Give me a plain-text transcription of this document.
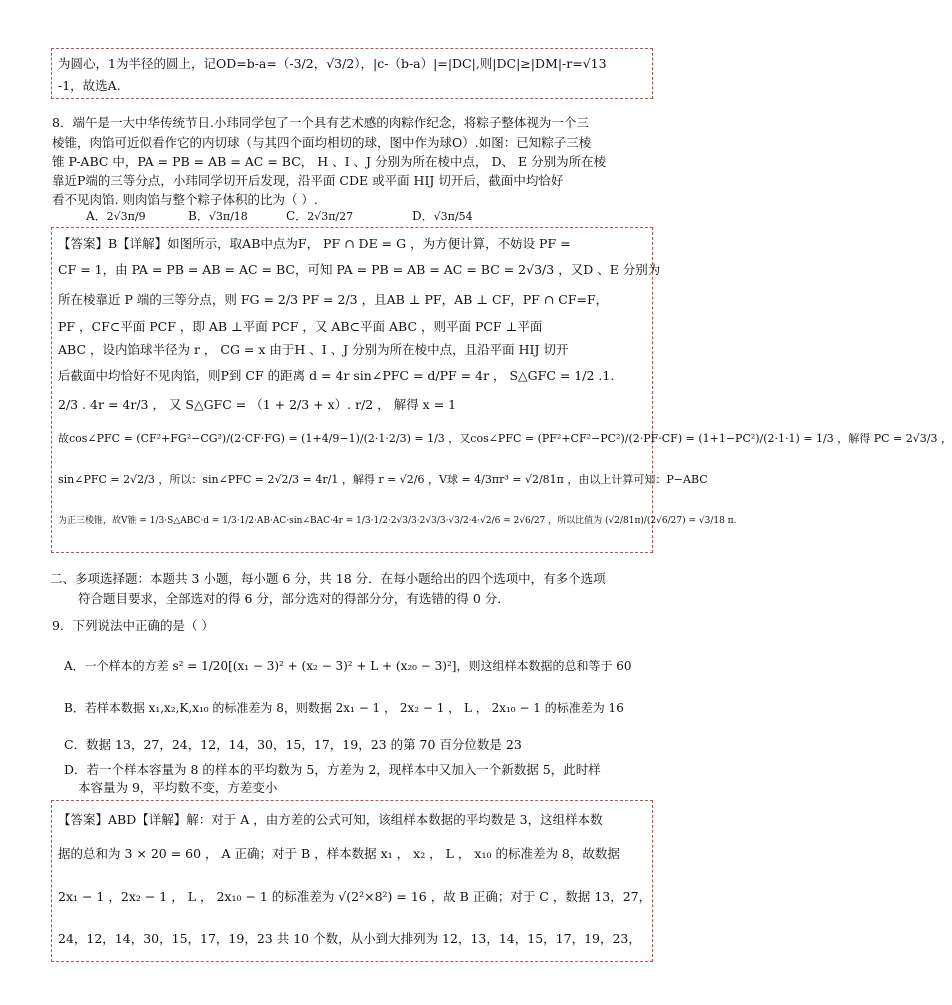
为圆心，1为半径的圆上，记OD=b-a=（-3/2，√3/2），|c-（b-a）|=|DC|,则|DC|≥|DM|-r=√13
-1，故选A.
8．端午是一大中华传统节日.小玮同学包了一个具有艺术感的肉粽作纪念，将粽子整体视为一个三
棱锥，肉馅可近似看作它的内切球（与其四个面均相切的球，图中作为球O）.如图：已知粽子三棱
锥 P-ABC 中，PA = PB = AB = AC = BC， H 、I 、J 分别为所在棱中点， D、 E 分别为所在棱
靠近P端的三等分点，小玮同学切开后发现，沿平面 CDE 或平面 HIJ 切开后，截面中均恰好
看不见肉馅. 则肉馅与整个粽子体积的比为（ ）.
A．2√3π/9	B．√3π/18	C．2√3π/27	D．√3π/54
【答案】B【详解】如图所示，取AB中点为F， PF ∩ DE = G ，为方便计算，不妨设 PF =
CF = 1，由 PA = PB = AB = AC = BC，可知 PA = PB = AB = AC = BC = 2√3/3 ，又D 、E 分别为
所在棱靠近 P 端的三等分点，则 FG = 2/3 PF = 2/3 ，且AB ⊥ PF，AB ⊥ CF，PF ∩ CF=F，
PF ，CF⊂平面 PCF ，即 AB ⊥平面 PCF ，又 AB⊂平面 ABC ，则平面 PCF ⊥平面
ABC ，设内馅球半径为 r ， CG = x 由于H 、I 、J 分别为所在棱中点，且沿平面 HIJ 切开
后截面中均恰好不见肉馅，则P到 CF 的距离 d = 4r sin∠PFC = d/PF = 4r ， S△GFC = 1/2 .1.
2/3 . 4r = 4r/3 ， 又 S△GFC = （1 + 2/3 + x）. r/2 ， 解得 x = 1
故cos∠PFC = (CF²+FG²−CG²)/(2·CF·FG) = (1+4/9−1)/(2·1·2/3) = 1/3 ，又cos∠PFC = (PF²+CF²−PC²)/(2·PF·CF) = (1+1−PC²)/(2·1·1) = 1/3 ，解得 PC = 2√3/3 ，
sin∠PFC = 2√2/3 ，所以：sin∠PFC = 2√2/3 = 4r/1 ，解得 r = √2/6 ，V球 = 4/3πr³ = √2/81π ，由以上计算可知：P−ABC
为正三棱锥，故V锥 = 1/3·S△ABC·d = 1/3·1/2·AB·AC·sin∠BAC·4r = 1/3·1/2·2√3/3·2√3/3·√3/2·4·√2/6 = 2√6/27 ，所以比值为 (√2/81π)/(2√6/27) = √3/18 π.
二、多项选择题：本题共 3 小题，每小题 6 分，共 18 分．在每小题给出的四个选项中，有多个选项
符合题目要求，全部选对的得 6 分，部分选对的得部分分，有选错的得 0 分．
9．下列说法中正确的是（ ）
A．一个样本的方差 s² = 1/20[(x₁ − 3)² + (x₂ − 3)² + L + (x₂₀ − 3)²]，则这组样本数据的总和等于 60
B．若样本数据 x₁,x₂,K,x₁₀ 的标准差为 8，则数据 2x₁ − 1 ， 2x₂ − 1 ， L ， 2x₁₀ − 1 的标准差为 16
C．数据 13，27，24，12，14，30，15，17，19，23 的第 70 百分位数是 23
D．若一个样本容量为 8 的样本的平均数为 5，方差为 2，现样本中又加入一个新数据 5，此时样
本容量为 9，平均数不变，方差变小
【答案】ABD【详解】解：对于 A ，由方差的公式可知，该组样本数据的平均数是 3，这组样本数
据的总和为 3 × 20 = 60 ， A 正确；对于 B ，样本数据 x₁ ， x₂ ， L ， x₁₀ 的标准差为 8，故数据
2x₁ − 1 ，2x₂ − 1 ， L ， 2x₁₀ − 1 的标准差为 √(2²×8²) = 16 ，故 B 正确；对于 C ，数据 13，27，
24，12，14，30，15，17，19，23 共 10 个数，从小到大排列为 12，13，14，15，17，19，23，
